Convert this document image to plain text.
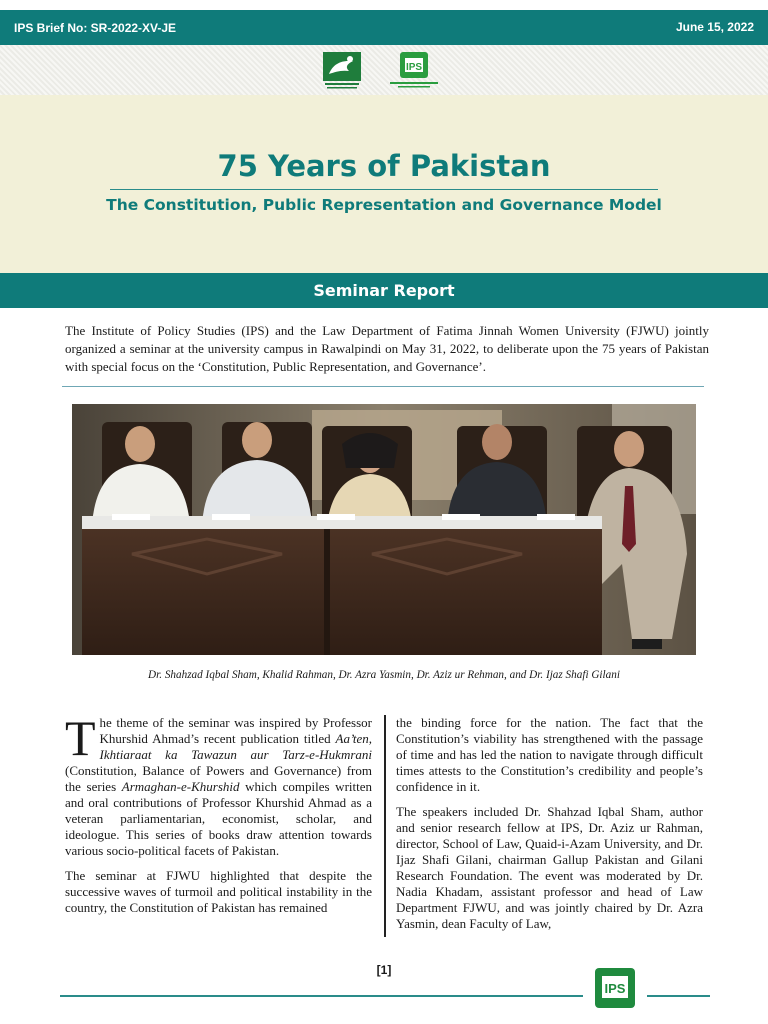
IPS Brief No: SR-2022-XV-JE	June 15, 2022
IPS
75 Years of Pakistan
The Constitution, Public Representation and Governance Model
Seminar Report

The Institute of Policy Studies (IPS) and the Law Department of Fatima Jinnah Women University (FJWU) jointly organized a seminar at the university campus in Rawalpindi on May 31, 2022, to deliberate upon the 75 years of Pakistan with special focus on the ‘Constitution, Public Representation, and Governance’.

Dr. Shahzad Iqbal Sham, Khalid Rahman, Dr. Azra Yasmin, Dr. Aziz ur Rehman, and Dr. Ijaz Shafi Gilani

The theme of the seminar was inspired by Professor Khurshid Ahmad’s recent publication titled Aa’ten, Ikhtiaraat ka Tawazun aur Tarz-e-Hukmrani (Constitution, Balance of Powers and Governance) from the series Armaghan-e-Khurshid which compiles written and oral contributions of Professor Khurshid Ahmad as a veteran parliamentarian, economist, scholar, and ideologue. This series of books draw attention towards various socio-political facets of Pakistan.

The seminar at FJWU highlighted that despite the successive waves of turmoil and political instability in the country, the Constitution of Pakistan has remained

the binding force for the nation. The fact that the Constitution’s viability has strengthened with the passage of time and has led the nation to navigate through difficult times attests to the Constitution’s credibility and people’s confidence in it.

The speakers included Dr. Shahzad Iqbal Sham, author and senior research fellow at IPS, Dr. Aziz ur Rahman, director, School of Law, Quaid-i-Azam University, and Dr. Ijaz Shafi Gilani, chairman Gallup Pakistan and Gilani Research Foundation. The event was moderated by Dr. Nadia Khadam, assistant professor and head of Law Department FJWU, and was jointly chaired by Dr. Azra Yasmin, dean Faculty of Law,

[1]
IPS
